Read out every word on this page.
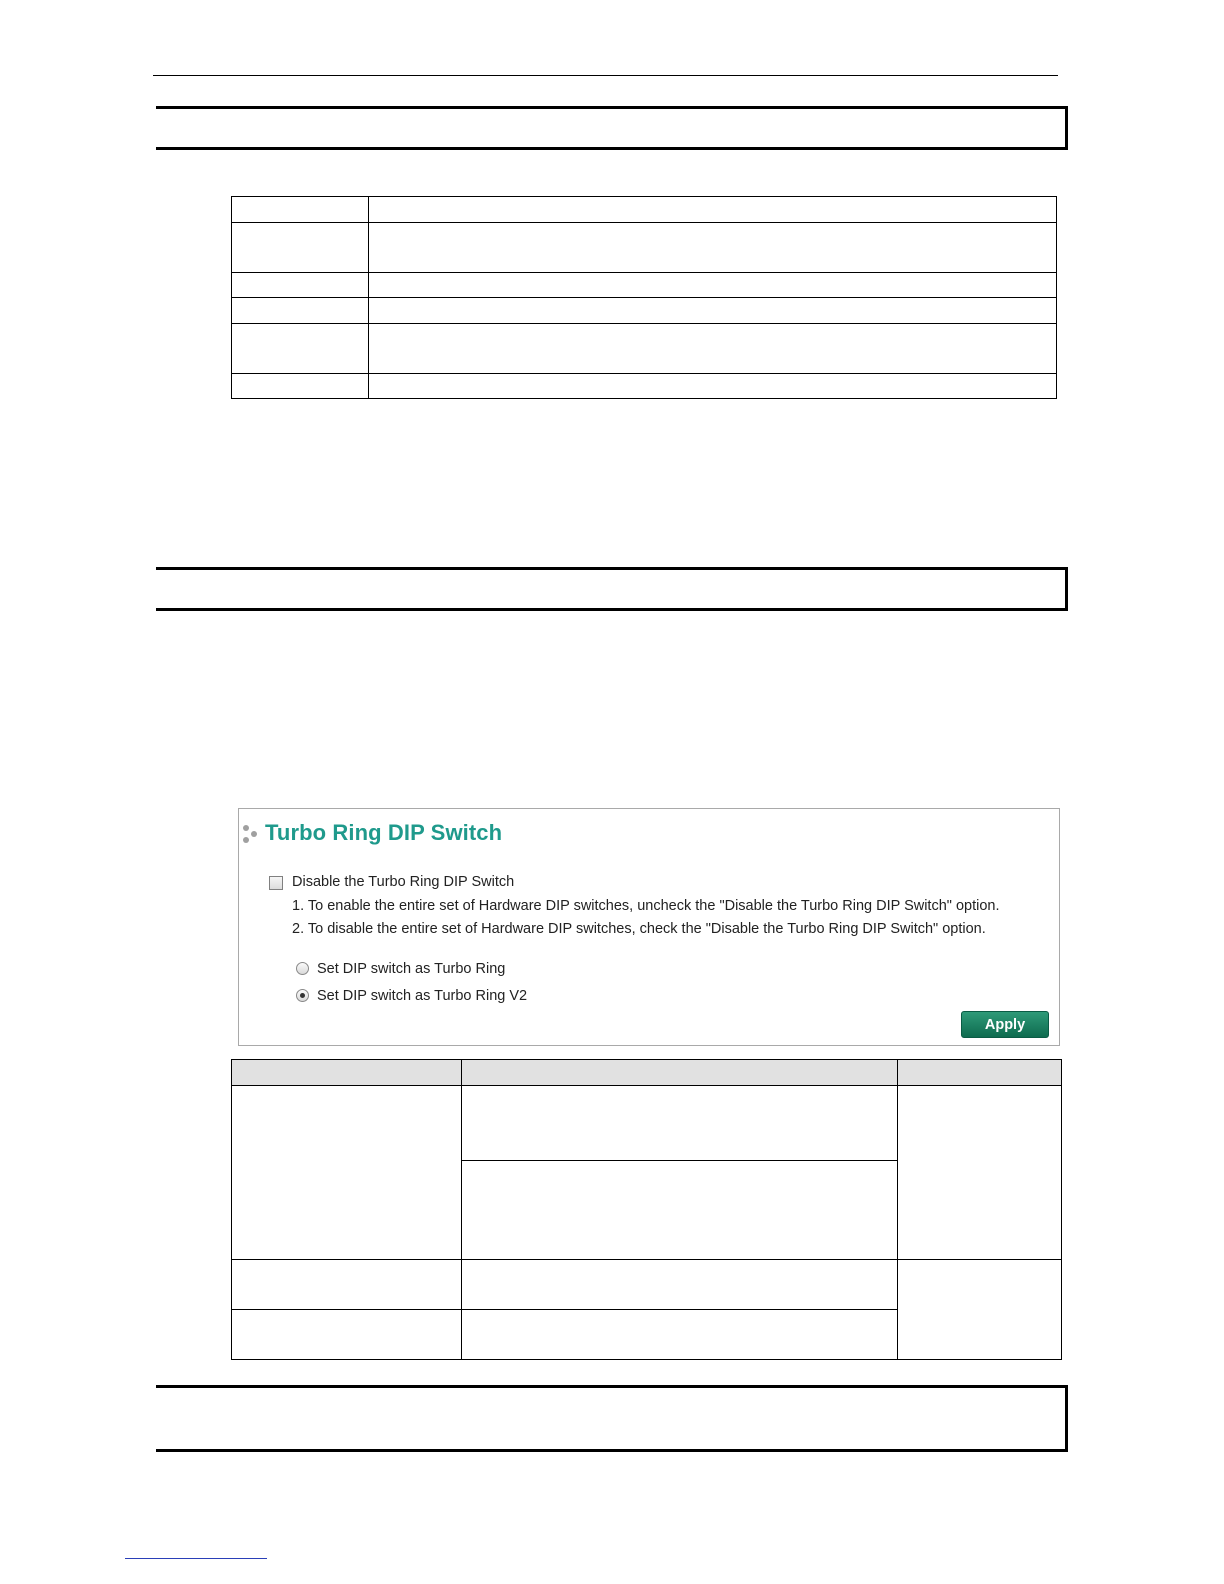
Turbo Ring DIP Switch
Disable the Turbo Ring DIP Switch
1. To enable the entire set of Hardware DIP switches, uncheck the "Disable the Turbo Ring DIP Switch" option.
2. To disable the entire set of Hardware DIP switches, check the "Disable the Turbo Ring DIP Switch" option.
Set DIP switch as Turbo Ring
Set DIP switch as Turbo Ring V2
Apply
